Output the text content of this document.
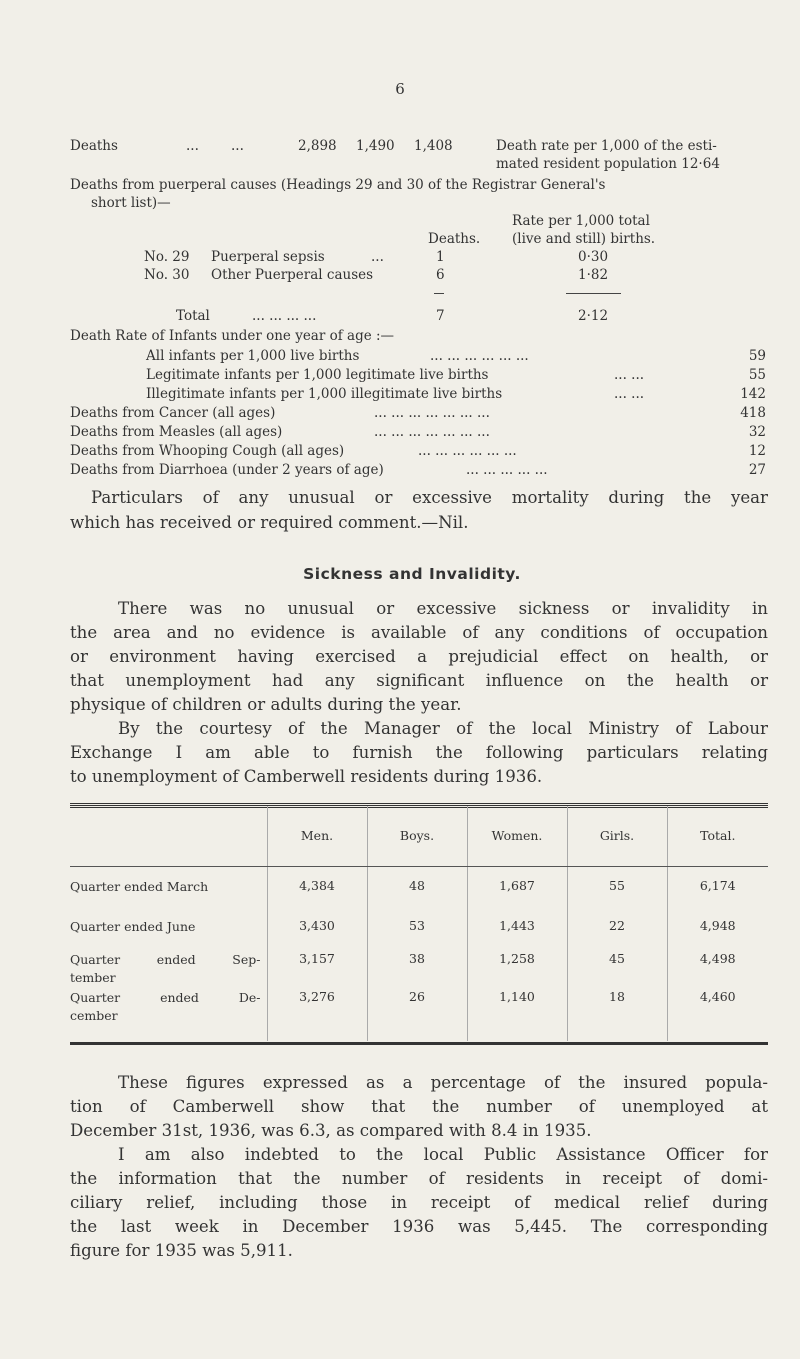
6
Deaths	... ...	2,898 1,490 1,408	Death rate per 1,000 of the esti-
mated resident population 12·64
Deaths from puerperal causes (Headings 29 and 30 of the Registrar General's
short list)—
Rate per 1,000 total
(live and still) births.
Deaths.
No. 29 Puerperal sepsis	...	1	0·30
No. 30 Other Puerperal causes	6	1·82
Total	... ... ... ...	7	2·12
Death Rate of Infants under one year of age :—
All infants per 1,000 live births	... ... ... ... ... ...	59
Legitimate infants per 1,000 legitimate live births	... ...	55
Illegitimate infants per 1,000 illegitimate live births	... ...	142
Deaths from Cancer (all ages)	... ... ... ... ... ... ...	418
Deaths from Measles (all ages)	... ... ... ... ... ... ...	32
Deaths from Whooping Cough (all ages)	... ... ... ... ... ...	12
Deaths from Diarrhoea (under 2 years of age)	... ... ... ... ...	27
Particulars of any unusual or excessive mortality during the year
which has received or required comment.—Nil.
Sickness and Invalidity.
There was no unusual or excessive sickness or invalidity in
the area and no evidence is available of any conditions of occupation
or environment having exercised a prejudicial effect on health, or
that unemployment had any significant influence on the health or
physique of children or adults during the year.
By the courtesy of the Manager of the local Ministry of Labour
Exchange I am able to furnish the following particulars relating
to unemployment of Camberwell residents during 1936.
	Men.	Boys.	Women.	Girls.	Total.
Quarter ended March	4,384	48	1,687	55	6,174
Quarter ended June	3,430	53	1,443	22	4,948

Quarter ended Sep-
tember	3,157	38	1,258	45	4,498

Quarter ended De-
cember	3,276	26	1,140	18	4,460
These figures expressed as a percentage of the insured popula-
tion of Camberwell show that the number of unemployed at
December 31st, 1936, was 6.3, as compared with 8.4 in 1935.
I am also indebted to the local Public Assistance Officer for
the information that the number of residents in receipt of domi-
ciliary relief, including those in receipt of medical relief during
the last week in December 1936 was 5,445. The corresponding
figure for 1935 was 5,911.
